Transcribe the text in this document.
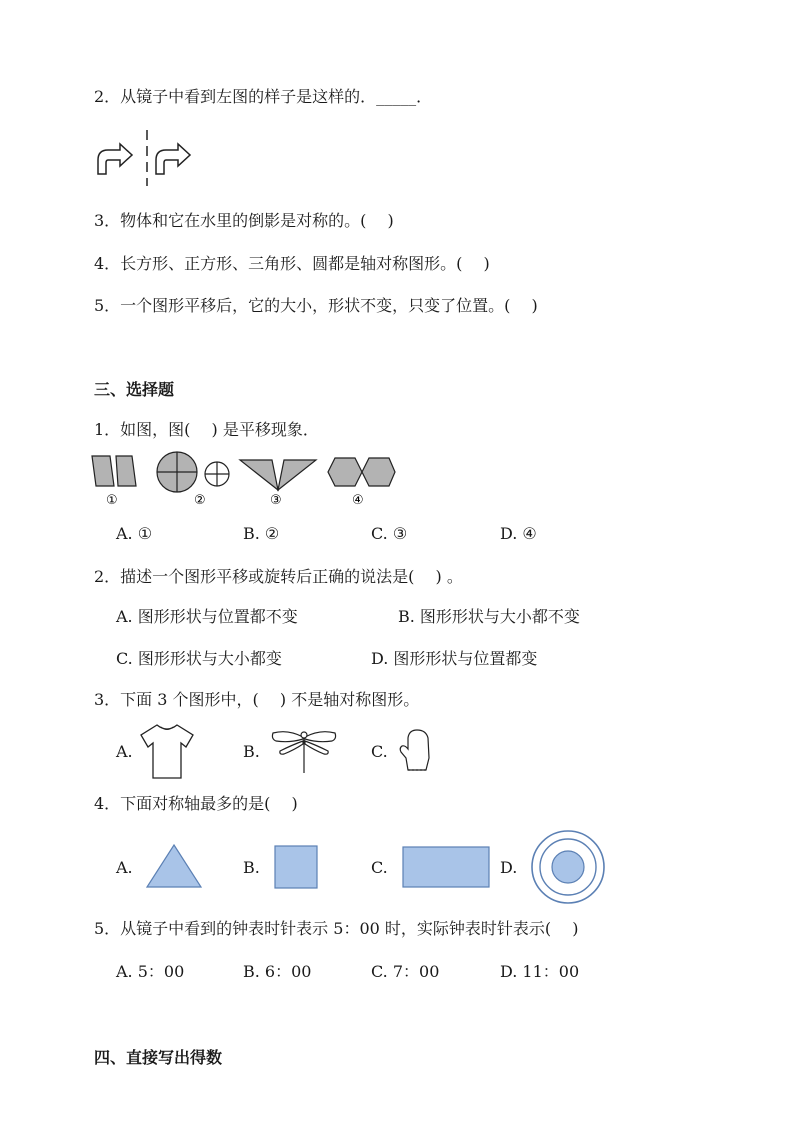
2．从镜子中看到左图的样子是这样的．_____．
3．物体和它在水里的倒影是对称的。(　 )
4．长方形、正方形、三角形、圆都是轴对称图形。(　 )
5．一个图形平移后，它的大小，形状不变，只变了位置。(　 )
三、选择题
1．如图，图(　 ) 是平移现象．
①	②	③	④
A. ①	B. ②	C. ③	D. ④
2．描述一个图形平移或旋转后正确的说法是(　 ) 。
A. 图形形状与位置都不变	B. 图形形状与大小都不变
C. 图形形状与大小都变	D. 图形形状与位置都变
3．下面 3 个图形中，(　 ) 不是轴对称图形。
A.	B.	C.
4．下面对称轴最多的是(　 )
A.	B.	C.	D.
5．从镜子中看到的钟表时针表示 5：00 时，实际钟表时针表示(　 )
A. 5：00	B. 6：00	C. 7：00	D. 11：00
四、直接写出得数
